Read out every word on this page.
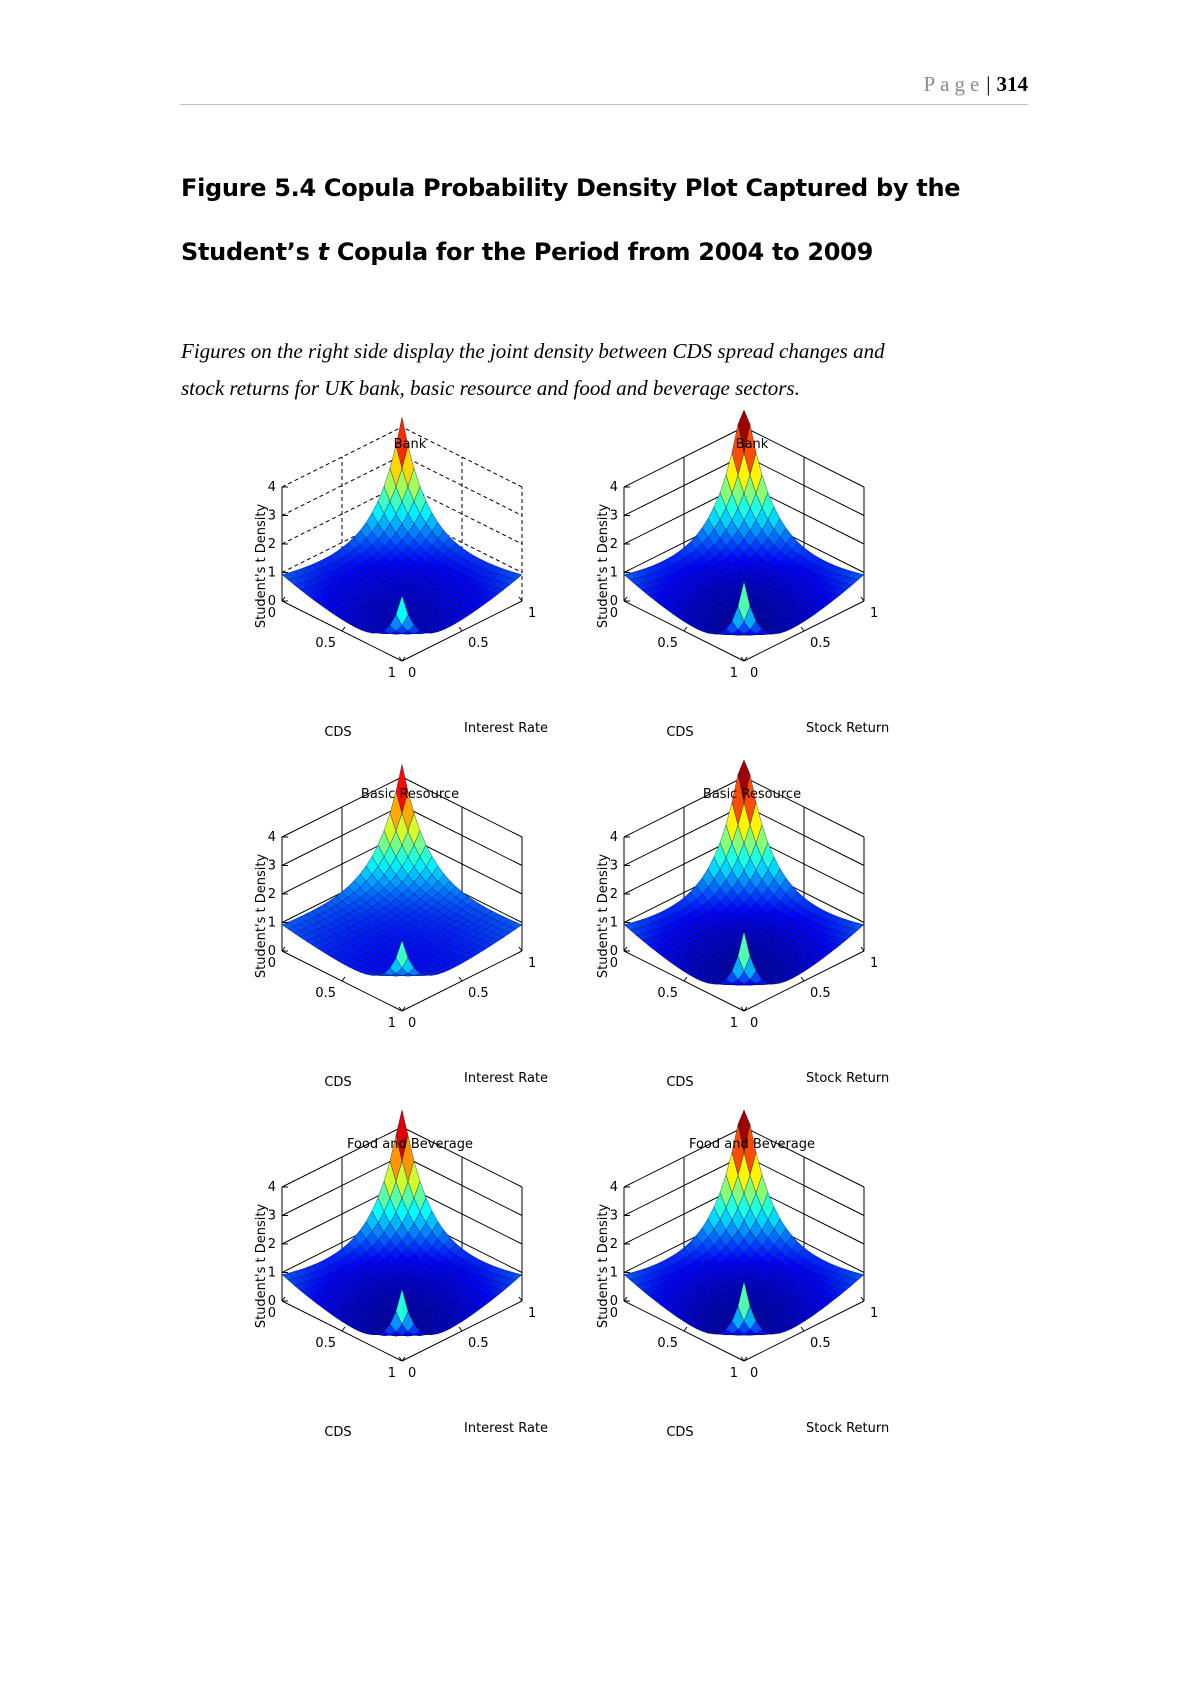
Page| 314
Figure 5.4 Copula Probability Density Plot Captured by the
Student’s t Copula for the Period from 2004 to 2009

Figures on the right side display the joint density between CDS spread changes and
stock returns for UK bank, basic resource and food and beverage sectors.

0
1
2
3
4
0
0.5
1 0
0.5
1
Bank
CDS	Interest Rate
Student's t Density	0
1
2
3
4
0
0.5
1 0
0.5
1
Bank
CDS	Stock Return
Student's t Density
0
1
2
3
4
0
0.5
1 0
0.5
1
Basic Resource
CDS	Interest Rate
Student's t Density	0
1
2
3
4
0
0.5
1 0
0.5
1
Basic Resource
CDS	Stock Return
Student's t Density
0
1
2
3
4
0
0.5
1 0
0.5
1
Food and Beverage
CDS	Interest Rate
Student's t Density	0
1
2
3
4
0
0.5
1 0
0.5
1
Food and Beverage
CDS	Stock Return
Student's t Density
